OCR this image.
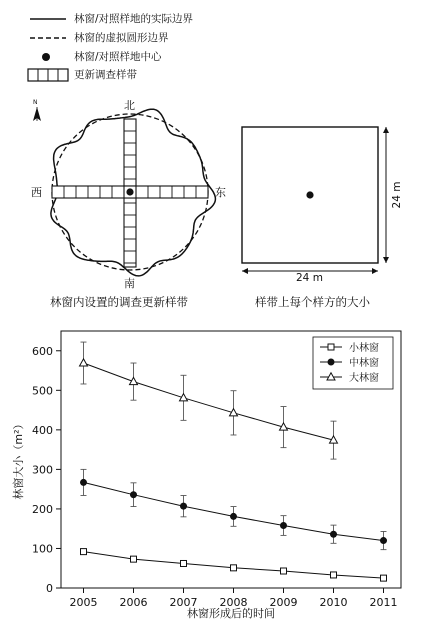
林窗/对照样地的实际边界
林窗的虚拟圆形边界
林窗/对照样地中心
更新调查样带
N	北
南
西	东
林窗内设置的调查更新样带
24 m
24 m
样带上每个样方的大小
0
100
200
300
400
500
600
2005 2006 2007 2008 2009 2010 2011
小林窗
中林窗
大林窗
林窗形成后的时间
林窗大小（m²）
